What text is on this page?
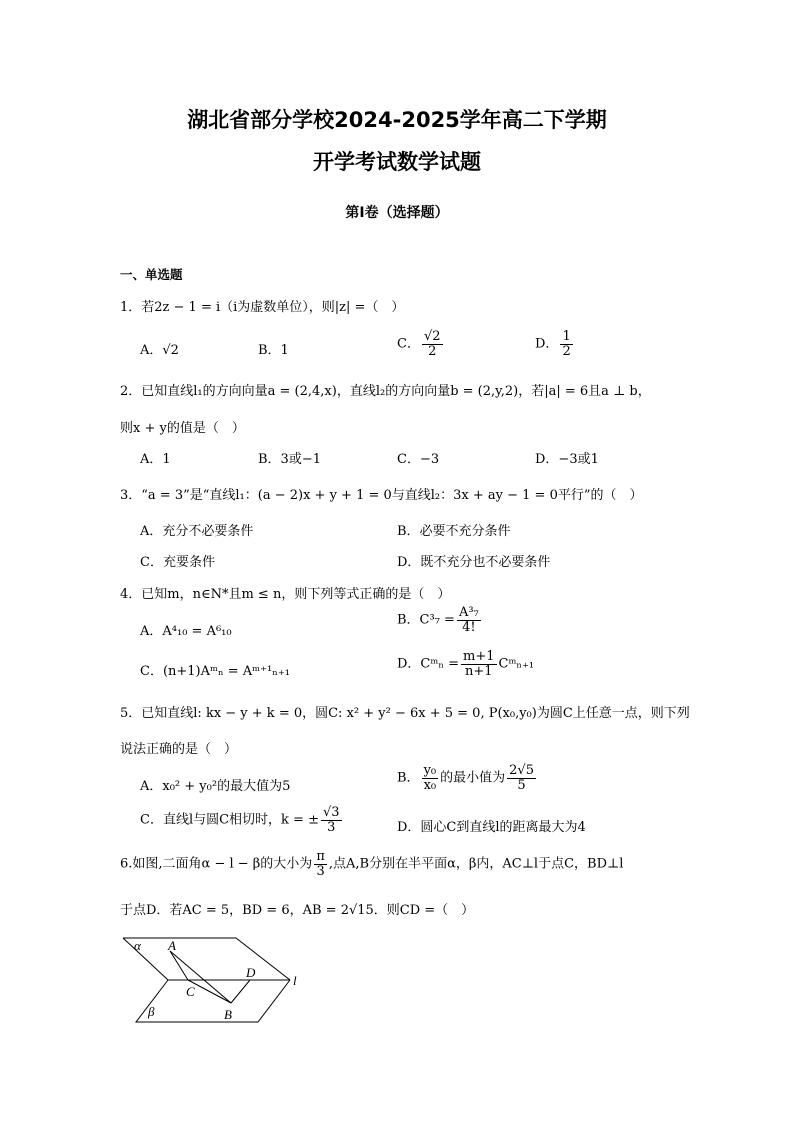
湖北省部分学校2024-2025学年高二下学期
开学考试数学试题
第Ⅰ卷（选择题）
一、单选题
1．若2z − 1 = i（i为虚数单位），则|z| =（　）
A．√2	B．1	C． $\frac{√2}{2}$	D． $\frac{1}{2}$
2．已知直线l₁的方向向量a = (2,4,x)，直线l₂的方向向量b = (2,y,2)，若|a| = 6且a ⊥ b，
则x + y的值是（　）
A．1	B．3或−1	C．−3	D．−3或1
3．“a = 3”是“直线l₁：(a − 2)x + y + 1 = 0与直线l₂：3x + ay − 1 = 0平行”的（　）
A．充分不必要条件	B．必要不充分条件
C．充要条件	D．既不充分也不必要条件
4．已知m，n∈N*且m ≤ n，则下列等式正确的是（　）
A．A⁴₁₀ = A⁶₁₀
B．$C^3_7 = \frac{\text{A³₇}}{4!}$
C．(n+1)Aᵐₙ = Aᵐ⁺¹ₙ₊₁	D．Cᵐₙ = $\frac{m+1}{n+1}$ Cᵐₙ₊₁
5．已知直线l: kx − y + k = 0，圆C: x² + y² − 6x + 5 = 0, P(x₀,y₀)为圆C上任意一点，则下列
说法正确的是（　）
A．x₀² + y₀²的最大值为5
B． $\frac{\text{y₀}}{\text{x₀}}$ 的最小值为 $\frac{2√5}{5}$
C．直线l与圆C相切时，k = ± $\frac{√3}{3}$	D．圆心C到直线l的距离最大为4
6.如图,二面角α − l − β的大小为 $\frac{\pi}{3}$ ,点A,B分别在半平面α，β内，AC⊥l于点C，BD⊥l
于点D．若AC = 5，BD = 6，AB = 2√15．则CD =（　）
α A
D
l
C
β	B
